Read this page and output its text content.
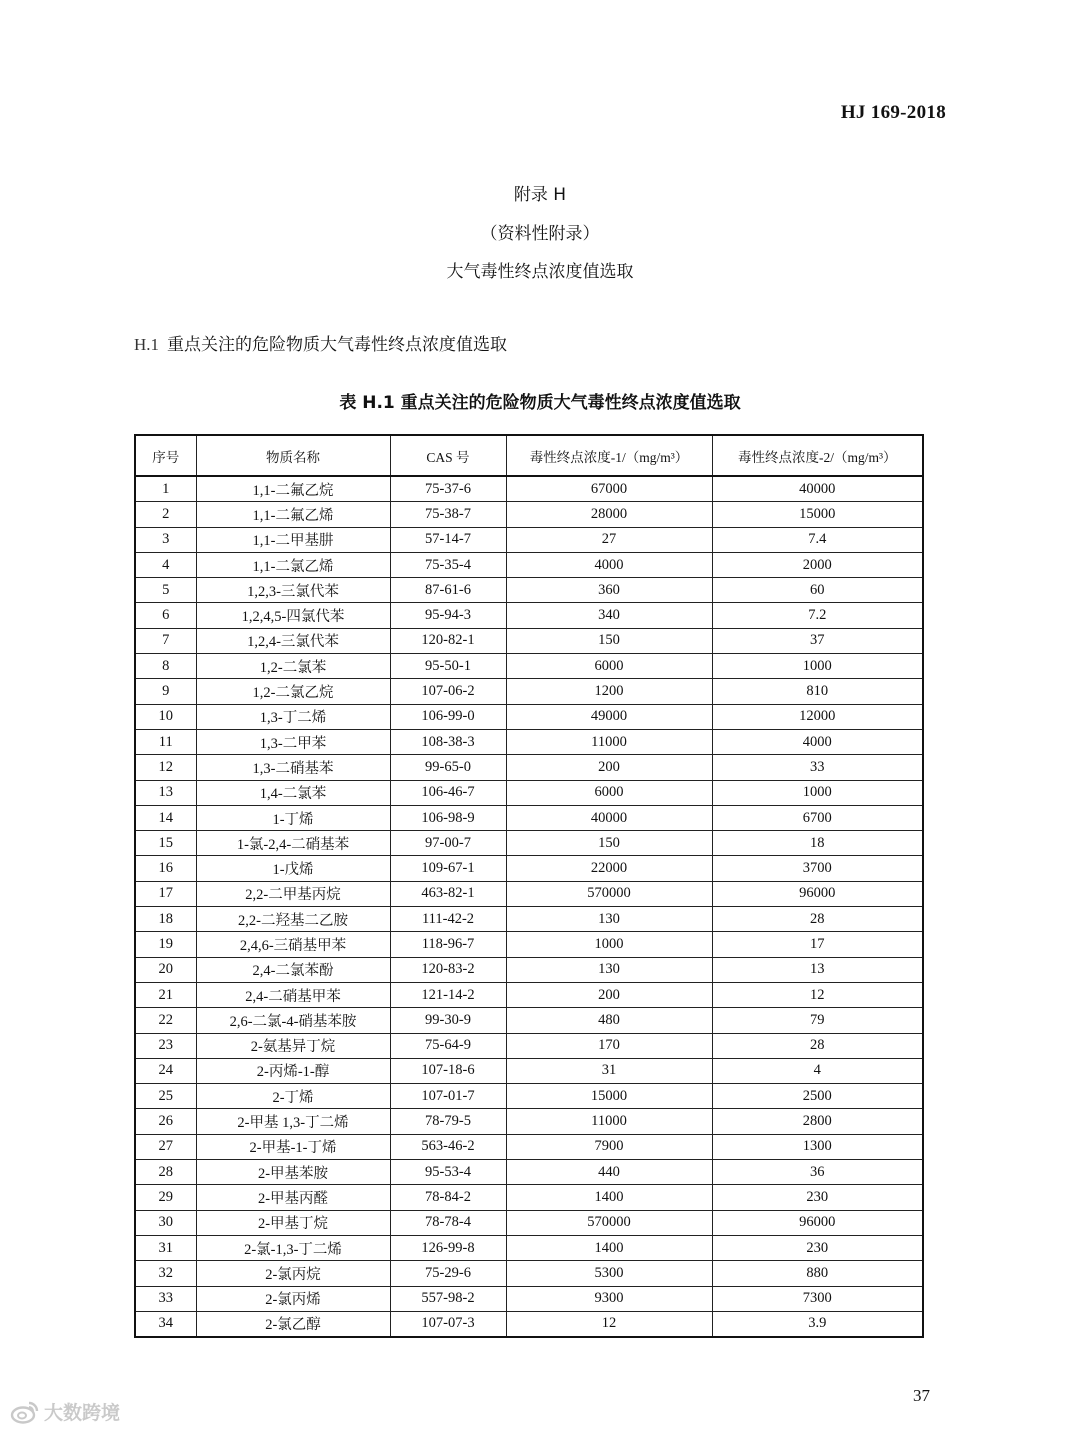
HJ 169-2018
附录 H
（资料性附录）
大气毒性终点浓度值选取
H.1 重点关注的危险物质大气毒性终点浓度值选取
表 H.1 重点关注的危险物质大气毒性终点浓度值选取
序号	物质名称	CAS 号	毒性终点浓度-1/（mg/m³）	毒性终点浓度-2/（mg/m³）
1	1,1-二氟乙烷	75-37-6	67000	40000
2	1,1-二氟乙烯	75-38-7	28000	15000
3	1,1-二甲基肼	57-14-7	27	7.4
4	1,1-二氯乙烯	75-35-4	4000	2000
5	1,2,3-三氯代苯	87-61-6	360	60
6	1,2,4,5-四氯代苯	95-94-3	340	7.2
7	1,2,4-三氯代苯	120-82-1	150	37
8	1,2-二氯苯	95-50-1	6000	1000
9	1,2-二氯乙烷	107-06-2	1200	810
10	1,3-丁二烯	106-99-0	49000	12000
11	1,3-二甲苯	108-38-3	11000	4000
12	1,3-二硝基苯	99-65-0	200	33
13	1,4-二氯苯	106-46-7	6000	1000
14	1-丁烯	106-98-9	40000	6700
15	1-氯-2,4-二硝基苯	97-00-7	150	18
16	1-戊烯	109-67-1	22000	3700
17	2,2-二甲基丙烷	463-82-1	570000	96000
18	2,2-二羟基二乙胺	111-42-2	130	28
19	2,4,6-三硝基甲苯	118-96-7	1000	17
20	2,4-二氯苯酚	120-83-2	130	13
21	2,4-二硝基甲苯	121-14-2	200	12
22	2,6-二氯-4-硝基苯胺	99-30-9	480	79
23	2-氨基异丁烷	75-64-9	170	28
24	2-丙烯-1-醇	107-18-6	31	4
25	2-丁烯	107-01-7	15000	2500
26	2-甲基 1,3-丁二烯	78-79-5	11000	2800
27	2-甲基-1-丁烯	563-46-2	7900	1300
28	2-甲基苯胺	95-53-4	440	36
29	2-甲基丙醛	78-84-2	1400	230
30	2-甲基丁烷	78-78-4	570000	96000
31	2-氯-1,3-丁二烯	126-99-8	1400	230
32	2-氯丙烷	75-29-6	5300	880
33	2-氯丙烯	557-98-2	9300	7300
34	2-氯乙醇	107-07-3	12	3.9
37
大数跨境
